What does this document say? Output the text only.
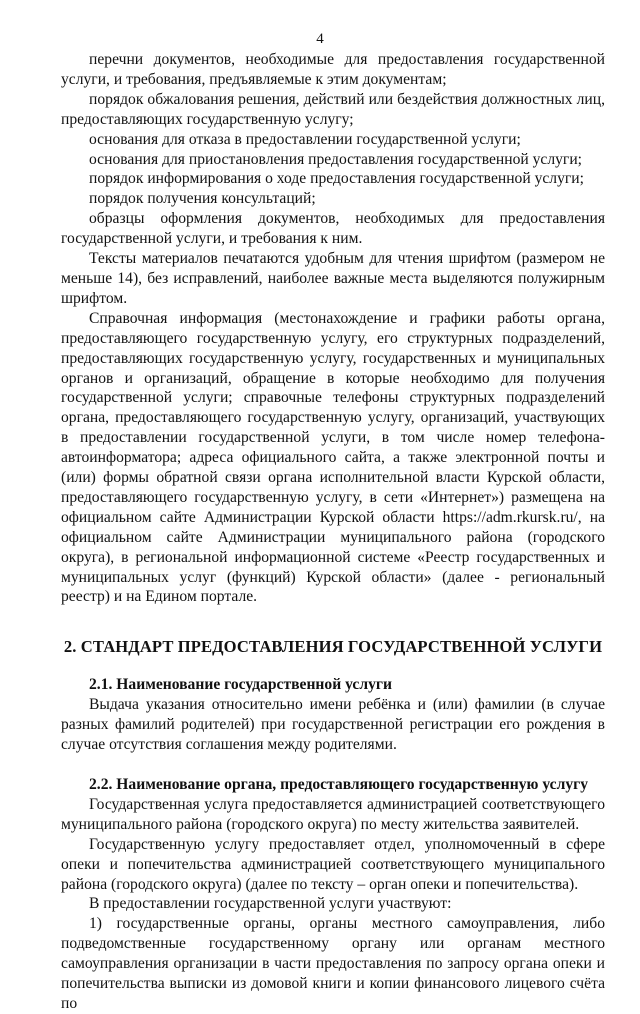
4

перечни документов, необходимые для предоставления государственной услуги, и требования, предъявляемые к этим документам;

порядок обжалования решения, действий или бездействия должностных лиц, предоставляющих государственную услугу;

основания для отказа в предоставлении государственной услуги;

основания для приостановления предоставления государственной услуги;

порядок информирования о ходе предоставления государственной услуги;

порядок получения консультаций;

образцы оформления документов, необходимых для предоставления государственной услуги, и требования к ним.

Тексты материалов печатаются удобным для чтения шрифтом (размером не меньше 14), без исправлений, наиболее важные места выделяются полужирным шрифтом.

Справочная информация (местонахождение и графики работы органа, предоставляющего государственную услугу, его структурных подразделений, предоставляющих государственную услугу, государственных и муниципальных органов и организаций, обращение в которые необходимо для получения государственной услуги; справочные телефоны структурных подразделений органа, предоставляющего государственную услугу, организаций, участвующих в предоставлении государственной услуги, в том числе номер телефона-автоинформатора; адреса официального сайта, а также электронной почты и (или) формы обратной связи органа исполнительной власти Курской области, предоставляющего государственную услугу, в сети «Интернет») размещена на официальном сайте Администрации Курской области https://adm.rkursk.ru/, на официальном сайте Администрации муниципального района (городского округа), в региональной информационной системе «Реестр государственных и муниципальных услуг (функций) Курской области» (далее - региональный реестр) и на Едином портале.

2. СТАНДАРТ ПРЕДОСТАВЛЕНИЯ ГОСУДАРСТВЕННОЙ УСЛУГИ

2.1. Наименование государственной услуги

Выдача указания относительно имени ребёнка и (или) фамилии (в случае разных фамилий родителей) при государственной регистрации его рождения в случае отсутствия соглашения между родителями.

2.2. Наименование органа, предоставляющего государственную услугу

Государственная услуга предоставляется администрацией соответствующего муниципального района (городского округа) по месту жительства заявителей.

Государственную услугу предоставляет отдел, уполномоченный в сфере опеки и попечительства администрацией соответствующего муниципального района (городского округа) (далее по тексту – орган опеки и попечительства).

В предоставлении государственной услуги участвуют:

1) государственные органы, органы местного самоуправления, либо подведомственные государственному органу или органам местного самоуправления организации в части предоставления по запросу органа опеки и попечительства выписки из домовой книги и копии финансового лицевого счёта по
